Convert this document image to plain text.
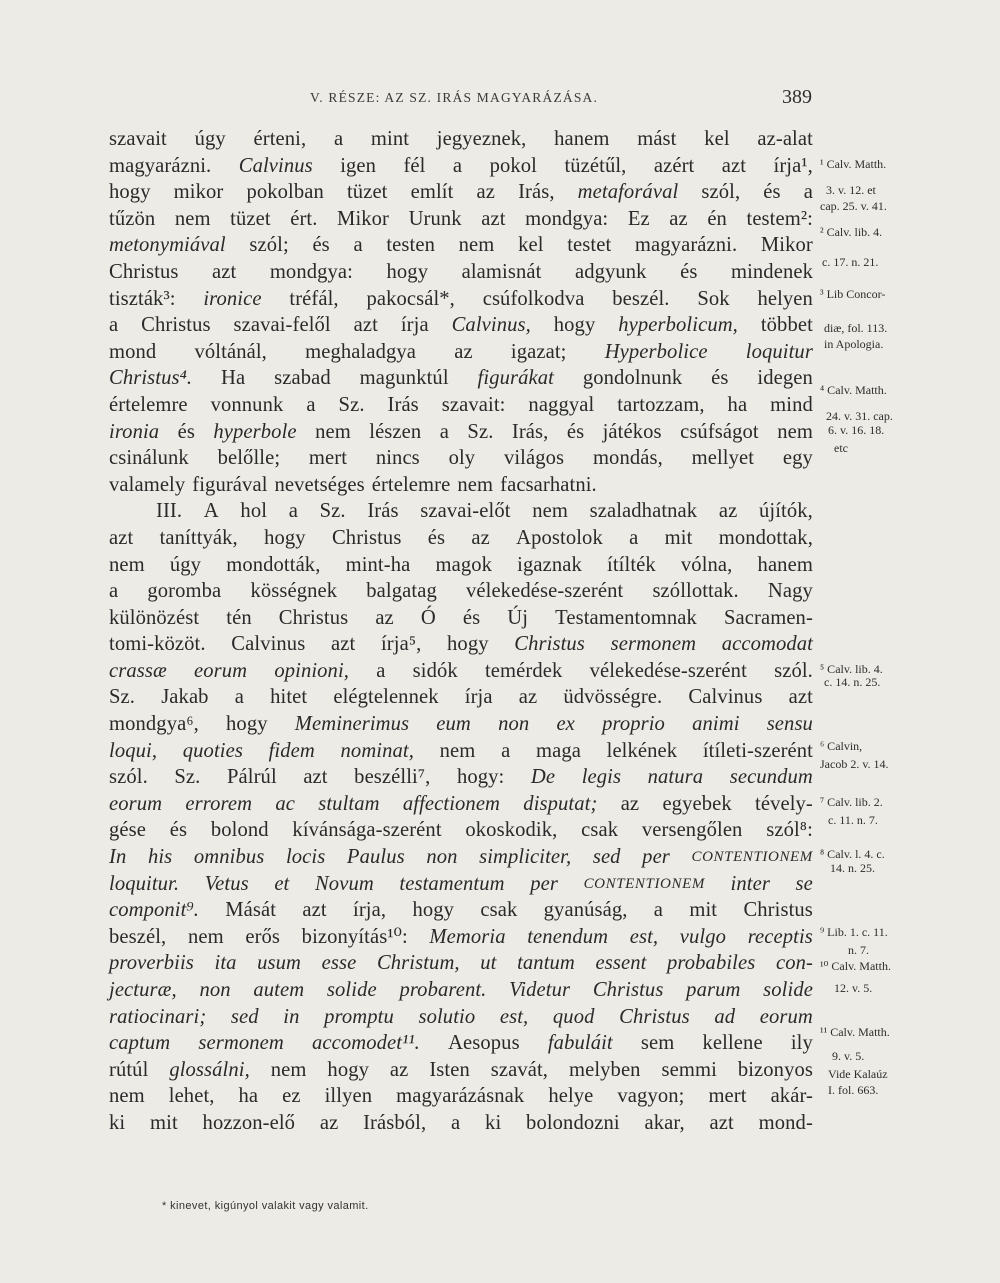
V. RÉSZE: AZ SZ. IRÁS MAGYARÁZÁSA.	389
szavait úgy érteni, a mint jegyeznek, hanem mást kel az-alat
magyarázni. Calvinus igen fél a pokol tüzétűl, azért azt írja¹,
hogy mikor pokolban tüzet említ az Irás, metaforával szól, és a
tűzön nem tüzet ért. Mikor Urunk azt mondgya: Ez az én testem²:
metonymiával szól; és a testen nem kel testet magyarázni. Mikor
Christus azt mondgya: hogy alamisnát adgyunk és mindenek
tiszták³: ironice tréfál, pakocsál*, csúfolkodva beszél. Sok helyen
a Christus szavai-felől azt írja Calvinus, hogy hyperbolicum, többet
mond vóltánál, meghaladgya az igazat; Hyperbolice loquitur
Christus⁴. Ha szabad magunktúl figurákat gondolnunk és idegen
értelemre vonnunk a Sz. Irás szavait: naggyal tartozzam, ha mind
ironia és hyperbole nem lészen a Sz. Irás, és játékos csúfságot nem
csinálunk belőlle; mert nincs oly világos mondás, mellyet egy
valamely figurával nevetséges értelemre nem facsarhatni.
III. A hol a Sz. Irás szavai-előt nem szaladhatnak az újítók,
azt taníttyák, hogy Christus és az Apostolok a mit mondottak,
nem úgy mondották, mint-ha magok igaznak ítílték vólna, hanem
a goromba kösségnek balgatag vélekedése-szerént szóllottak. Nagy
különözést tén Christus az Ó és Új Testamentomnak Sacramen-
tomi-közöt. Calvinus azt írja⁵, hogy Christus sermonem accomodat
crassæ eorum opinioni, a sidók temérdek vélekedése-szerént szól.
Sz. Jakab a hitet elégtelennek írja az üdvösségre. Calvinus azt
mondgya⁶, hogy Meminerimus eum non ex proprio animi sensu
loqui, quoties fidem nominat, nem a maga lelkének ítíleti-szerént
szól. Sz. Pálrúl azt beszélli⁷, hogy: De legis natura secundum
eorum errorem ac stultam affectionem disputat; az egyebek tévely-
gése és bolond kívánsága-szerént okoskodik, csak versengőlen szól⁸:
In his omnibus locis Paulus non simpliciter, sed per CONTENTIONEM
loquitur. Vetus et Novum testamentum per CONTENTIONEM inter se
componit⁹. Mását azt írja, hogy csak gyanúság, a mit Christus
beszél, nem erős bizonyítás¹⁰: Memoria tenendum est, vulgo receptis
proverbiis ita usum esse Christum, ut tantum essent probabiles con-
jecturæ, non autem solide probarent. Videtur Christus parum solide
ratiocinari; sed in promptu solutio est, quod Christus ad eorum
captum sermonem accomodet¹¹. Aesopus fabuláit sem kellene ily
rútúl glossálni, nem hogy az Isten szavát, melyben semmi bizonyos
nem lehet, ha ez illyen magyarázásnak helye vagyon; mert akár-
ki mit hozzon-elő az Irásból, a ki bolondozni akar, azt mond-
¹ Calv. Matth.
3. v. 12. et
cap. 25. v. 41.
² Calv. lib. 4.
c. 17. n. 21.
³ Lib Concor-
diæ, fol. 113.
in Apologia.
⁴ Calv. Matth.
24. v. 31. cap.
6. v. 16. 18.
etc
⁵ Calv. lib. 4.
c. 14. n. 25.
⁶ Calvin,
Jacob 2. v. 14.
⁷ Calv. lib. 2.
c. 11. n. 7.
⁸ Calv. l. 4. c.
14. n. 25.
⁹ Lib. 1. c. 11.
n. 7.
¹⁰ Calv. Matth.
12. v. 5.
¹¹ Calv. Matth.
9. v. 5.
Vide Kalaúz
I. fol. 663.
* kinevet, kigúnyol valakit vagy valamit.
